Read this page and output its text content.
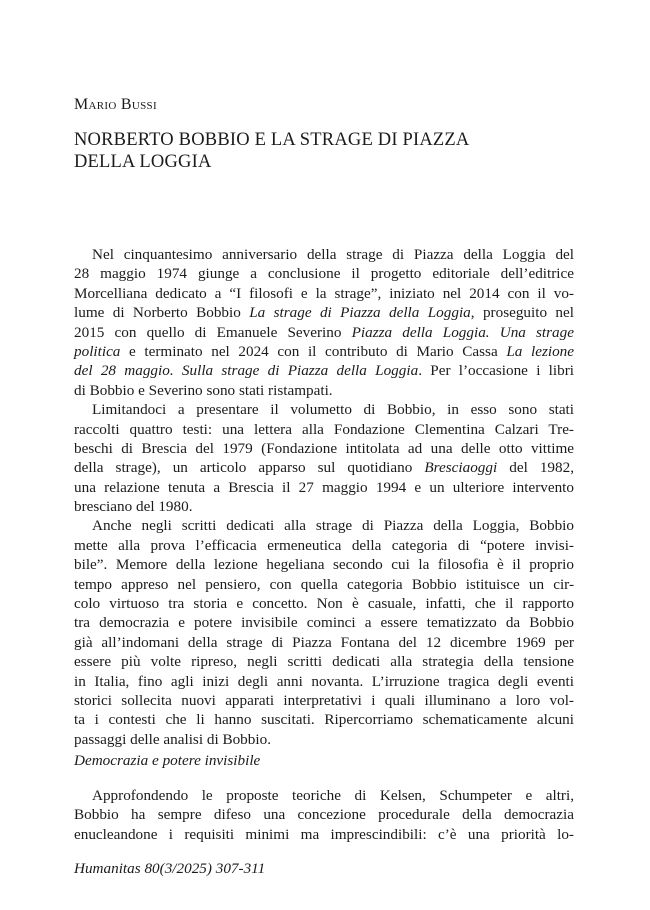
Mario Bussi
NORBERTO BOBBIO E LA STRAGE DI PIAZZA
DELLA LOGGIA
Nel cinquantesimo anniversario della strage di Piazza della Loggia del
28 maggio 1974 giunge a conclusione il progetto editoriale dell’editrice
Morcelliana dedicato a “I filosofi e la strage”, iniziato nel 2014 con il vo-
lume di Norberto Bobbio La strage di Piazza della Loggia, proseguito nel
2015 con quello di Emanuele Severino Piazza della Loggia. Una strage
politica e terminato nel 2024 con il contributo di Mario Cassa La lezione
del 28 maggio. Sulla strage di Piazza della Loggia. Per l’occasione i libri
di Bobbio e Severino sono stati ristampati.
Limitandoci a presentare il volumetto di Bobbio, in esso sono stati
raccolti quattro testi: una lettera alla Fondazione Clementina Calzari Tre-
beschi di Brescia del 1979 (Fondazione intitolata ad una delle otto vittime
della strage), un articolo apparso sul quotidiano Bresciaoggi del 1982,
una relazione tenuta a Brescia il 27 maggio 1994 e un ulteriore intervento
bresciano del 1980.
Anche negli scritti dedicati alla strage di Piazza della Loggia, Bobbio
mette alla prova l’efficacia ermeneutica della categoria di “potere invisi-
bile”. Memore della lezione hegeliana secondo cui la filosofia è il proprio
tempo appreso nel pensiero, con quella categoria Bobbio istituisce un cir-
colo virtuoso tra storia e concetto. Non è casuale, infatti, che il rapporto
tra democrazia e potere invisibile cominci a essere tematizzato da Bobbio
già all’indomani della strage di Piazza Fontana del 12 dicembre 1969 per
essere più volte ripreso, negli scritti dedicati alla strategia della tensione
in Italia, fino agli inizi degli anni novanta. L’irruzione tragica degli eventi
storici sollecita nuovi apparati interpretativi i quali illuminano a loro vol-
ta i contesti che li hanno suscitati. Ripercorriamo schematicamente alcuni
passaggi delle analisi di Bobbio.
Democrazia e potere invisibile
Approfondendo le proposte teoriche di Kelsen, Schumpeter e altri,
Bobbio ha sempre difeso una concezione procedurale della democrazia
enucleandone i requisiti minimi ma imprescindibili: c’è una priorità lo-
Humanitas 80(3/2025) 307-311
